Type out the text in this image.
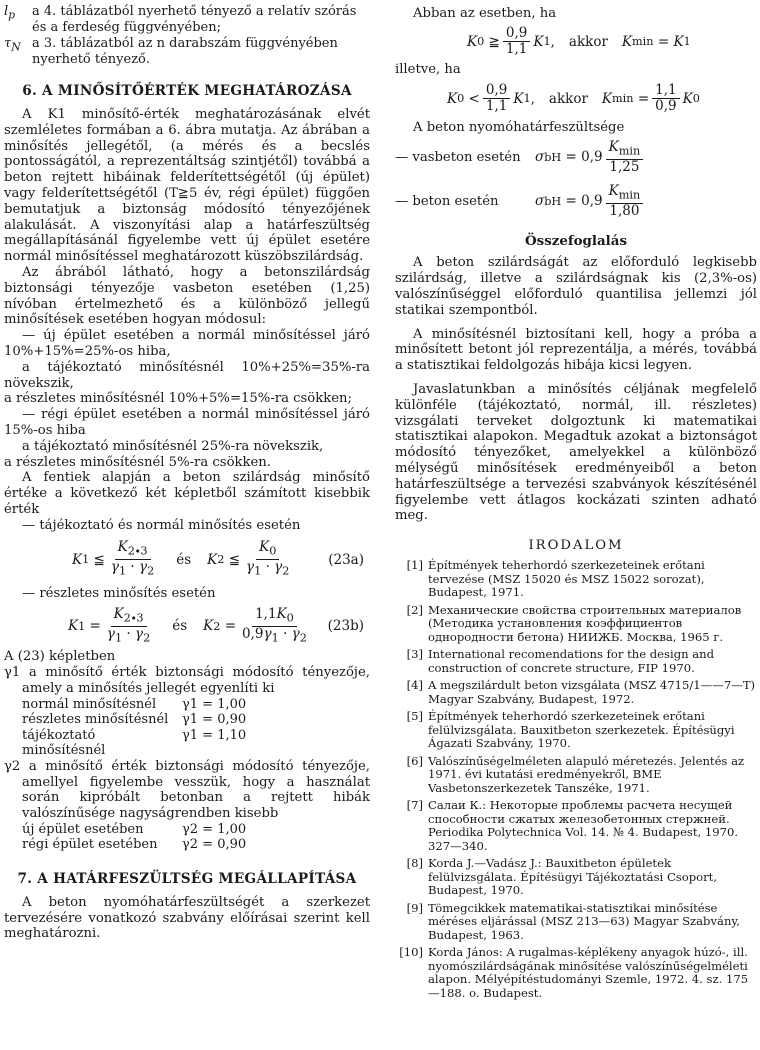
$l_p$	a 4. táblázatból nyerhető tényező a relatív szórás és a ferdeség függvényében;
$\tau_N$ a 3. táblázatból az n darabszám függvényében nyerhető tényező.

6. A MINŐSÍTŐÉRTÉK MEGHATÁROZÁSA

A K1 minősítő-érték meghatározásának elvét szemléletes formában a 6. ábra mutatja. Az ábrában a minősítés jellegétől, (a mérés és a becslés pontosságától, a reprezentáltság szintjétől) továbbá a beton rejtett hibáinak felderítettségétől (új épület) vagy felderítettségétől (T≧5 év, régi épület) függően bemutatjuk a biztonság módosító tényezőjének alakulását. A viszonyítási alap a határfeszültség megállapításánál figyelembe vett új épület esetére normál minősítéssel meghatározott küszöbszilárdság.

Az ábrából látható, hogy a betonszilárdság biztonsági tényezője vasbeton esetében (1,25) nívóban értelmezhető és a különböző jellegű minősítések esetében hogyan módosul:

— új épület esetében a normál minősítéssel járó 10%+15%=25%-os hiba,

a tájékoztató minősítésnél 10%+25%=35%-ra növekszik,

a részletes minősítésnél 10%+5%=15%-ra csökken;

— régi épület esetében a normál minősítéssel járó 15%-os hiba

a tájékoztató minősítésnél 25%-ra növekszik,

a részletes minősítésnél 5%-ra csökken.

A fentiek alapján a beton szilárdság minősítő értéke a következő két képletből számított kisebbik érték

— tájékoztató és normál minősítés esetén

K 1 ≦ $\frac{K_{2\cdot 3}}{\gamma_1 \cdot \gamma_2}$ és K 2 ≦ $\frac{K_0}{\gamma_1 \cdot \gamma_2}$	(23a)

— részletes minősítés esetén

K $1 = \frac{K_{2\cdot 3}}{\gamma_1 \cdot \gamma_2}$ és K $2 = \frac{1,1K_0}{0,9\gamma_1 \cdot \gamma_2} (23b)$

A (23) képletben

γ1 a minősítő érték biztonsági módosító tényezője, amely a minősítés jellegét egyenlíti ki

normál minősítésnél	γ1 = 1,00
részletes minősítésnél	γ1 = 0,90
tájékoztató minősítésnél
γ1 = 1,10

γ2 a minősítő érték biztonsági módosító tényezője, amellyel figyelembe vesszük, hogy a használat során kipróbált betonban a rejtett hibák valószínűsége nagyságrendben kisebb

új épület esetében	γ2 = 1,00
régi épület esetében	γ2 = 0,90

7. A HATÁRFESZÜLTSÉG MEGÁLLAPÍTÁSA

A beton nyomóhatárfeszültségét a szerkezet tervezésére vonatkozó szabvány előírásai szerint kell meghatározni.

Abban az esetben, ha

K 0 ≧ $\frac{0,9}{1,1}$ K 1 , akkor K min = K 1

illetve, ha

K $0 < \frac{0,9}{1,1}$ K 1 , akkor K $\min = \frac{1,1}{0,9}$ K 0

A beton nyomóhatárfeszültsége

— vasbeton esetén	σ bH = $0,9 \frac{K_{min}}{1,25}$
— beton esetén	σ bH = $0,9 \frac{K_{min}}{1,80}$

Összefoglalás

A beton szilárdságát az előforduló legkisebb szilárdság, illetve a szilárdságnak kis (2,3%-os) valószínűséggel előforduló quantilisa jellemzi jól statikai szempontból.

A minősítésnél biztosítani kell, hogy a próba a minősített betont jól reprezentálja, a mérés, továbbá a statisztikai feldolgozás hibája kicsi legyen.

Javaslatunkban a minősítés céljának megfelelő különféle (tájékoztató, normál, ill. részletes) vizsgálati terveket dolgoztunk ki matematikai statisztikai alapokon. Megadtuk azokat a biztonságot módosító tényezőket, amelyekkel a különböző mélységű minősítések eredményeiből a beton határfeszültsége a tervezési szabványok készítésénél figyelembe vett átlagos kockázati szinten adható meg.

IRODALOM

[1] Építmények teherhordó szerkezeteinek erőtani tervezése (MSZ 15020 és MSZ 15022 sorozat), Budapest, 1971.
[2] Механические свойства строительных материалов (Методика установления коэффициентов однородности бетона) НИИЖБ. Москва, 1965 г.
[3] International recomendations for the design and construction of concrete structure, FIP 1970.
[4] A megszilárdult beton vizsgálata (MSZ 4715/1——7—T) Magyar Szabvány, Budapest, 1972.
[5] Építmények teherhordó szerkezeteinek erőtani felülvizsgálata. Bauxitbeton szerkezetek. Építésügyi Ágazati Szabvány, 1970.
[6] Valószínűségelméleten alapuló méretezés. Jelentés az 1971. évi kutatási eredményekről, BME Vasbetonszerkezetek Tanszéke, 1971.
[7] Салаи К.: Некоторые проблемы расчета несущей способности сжатых железобетонных стержней. Periodika Polytechnica Vol. 14. № 4. Budapest, 1970. 327—340.
[8] Korda J.—Vadász J.: Bauxitbeton épületek felülvizsgálata. Építésügyi Tájékoztatási Csoport, Budapest, 1970.
[9] Tömegcikkek matematikai-statisztikai minősítése méréses eljárással (MSZ 213—63) Magyar Szabvány, Budapest, 1963.
[10] Korda János: A rugalmas-képlékeny anyagok húzó-, ill. nyomószilárdságának minősítése valószínűségelméleti alapon. Mélyépítéstudományi Szemle, 1972. 4. sz. 175—188. o. Budapest.
